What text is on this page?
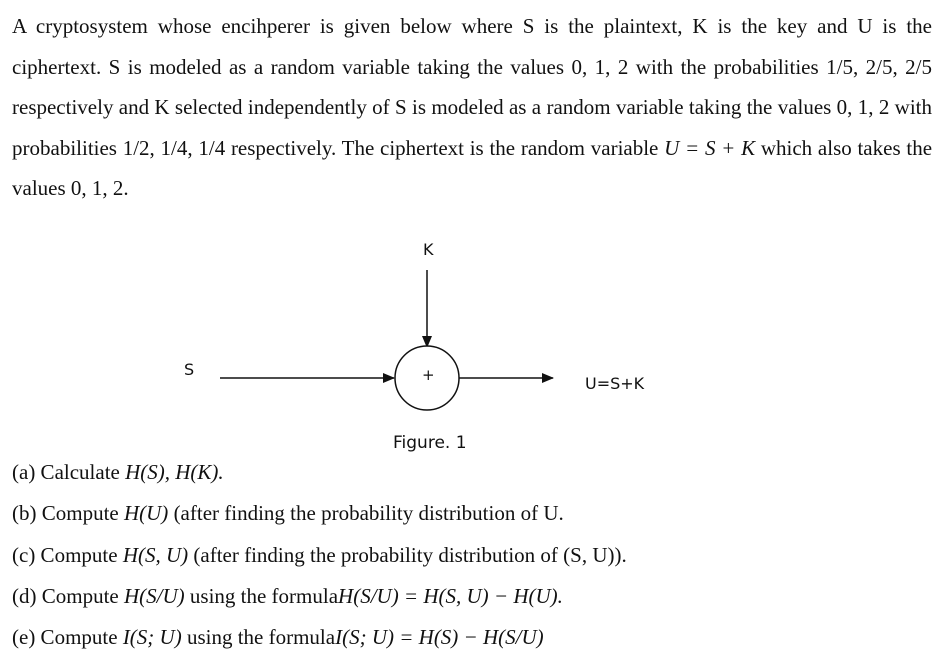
A cryptosystem whose encihperer is given below where S is the plaintext, K is the key and U is the ciphertext. S is modeled as a random variable taking the values 0, 1, 2 with the probabilities 1/5, 2/5, 2/5 respectively and K selected independently of S is modeled as a random variable taking the values 0, 1, 2 with probabilities 1/2, 1/4, 1/4 respectively. The ciphertext is the random variable U = S + K which also takes the values 0, 1, 2.

K
S	+	U=S+K
Figure. 1
(a) Calculate H(S), H(K).
(b) Compute H(U) (after finding the probability distribution of U.
(c) Compute H(S, U) (after finding the probability distribution of (S, U)).
(d) Compute H(S/U) using the formulaH(S/U) = H(S, U) − H(U).
(e) Compute I(S; U) using the formulaI(S; U) = H(S) − H(S/U)
